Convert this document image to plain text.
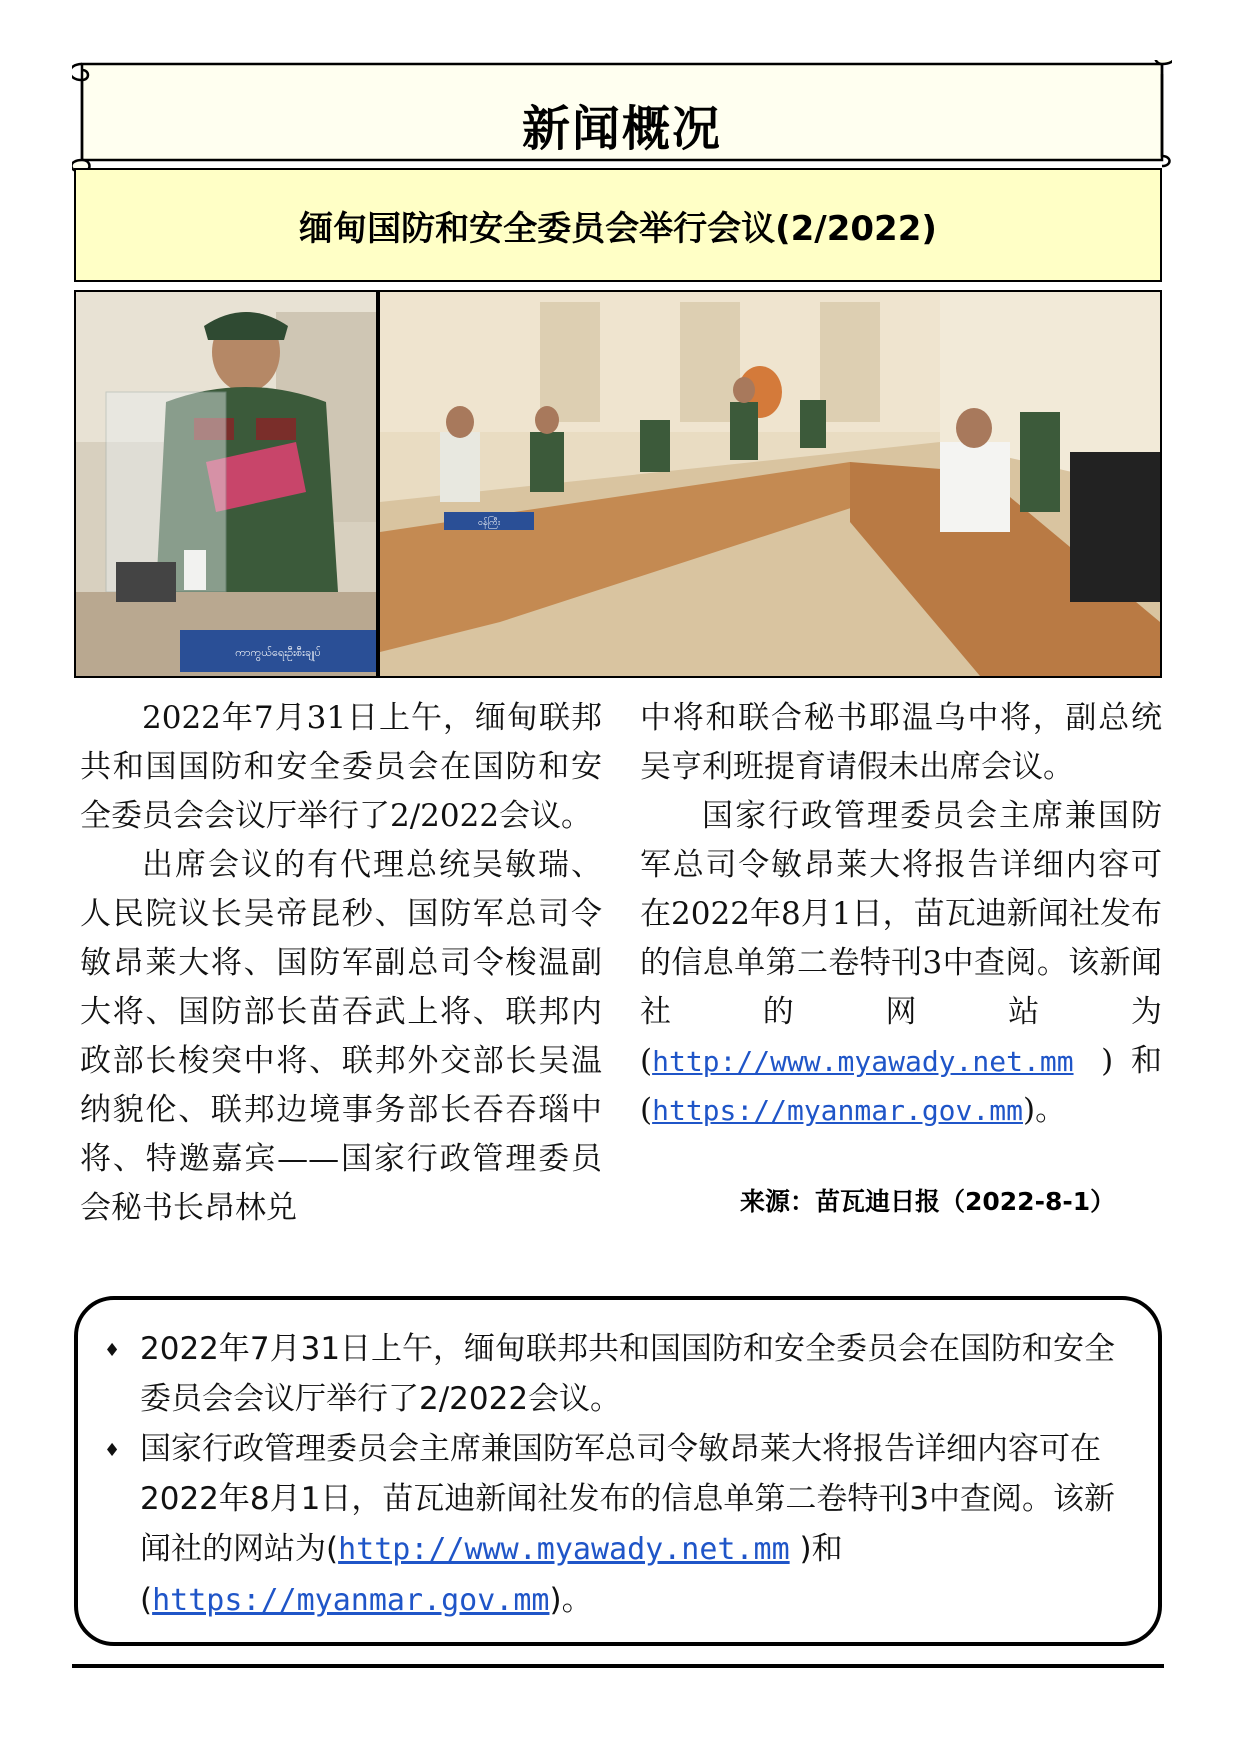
新闻概况
缅甸国防和安全委员会举行会议(2/2022)
ကာကွယ်ရေးဦးစီးချုပ်
ဝန်ကြီး

2022年7月31日上午，缅甸联邦共和国国防和安全委员会在国防和安全委员会会议厅举行了2/2022会议。

出席会议的有代理总统吴敏瑞、人民院议长吴帝昆秒、国防军总司令敏昂莱大将、国防军副总司令梭温副大将、国防部长苗吞武上将、联邦内政部长梭突中将、联邦外交部长吴温纳貌伦、联邦边境事务部长吞吞瑙中将、特邀嘉宾——国家行政管理委员会秘书长昂林兑

中将和联合秘书耶温乌中将，副总统吴亨利班提育请假未出席会议。

国家行政管理委员会主席兼国防军总司令敏昂莱大将报告详细内容可在2022年8月1日，苗瓦迪新闻社发布的信息单第二卷特刊3中查阅。该新闻社的网站为(http://www.myawady.net.mm )和(https://myanmar.gov.mm)。

来源：苗瓦迪日报（2022-8-1）
♦ 2022年7月31日上午，缅甸联邦共和国国防和安全委员会在国防和安全委员会会议厅举行了2/2022会议。
♦ 国家行政管理委员会主席兼国防军总司令敏昂莱大将报告详细内容可在2022年8月1日，苗瓦迪新闻社发布的信息单第二卷特刊3中查阅。该新闻社的网站为(http://www.myawady.net.mm )和(https://myanmar.gov.mm)。
